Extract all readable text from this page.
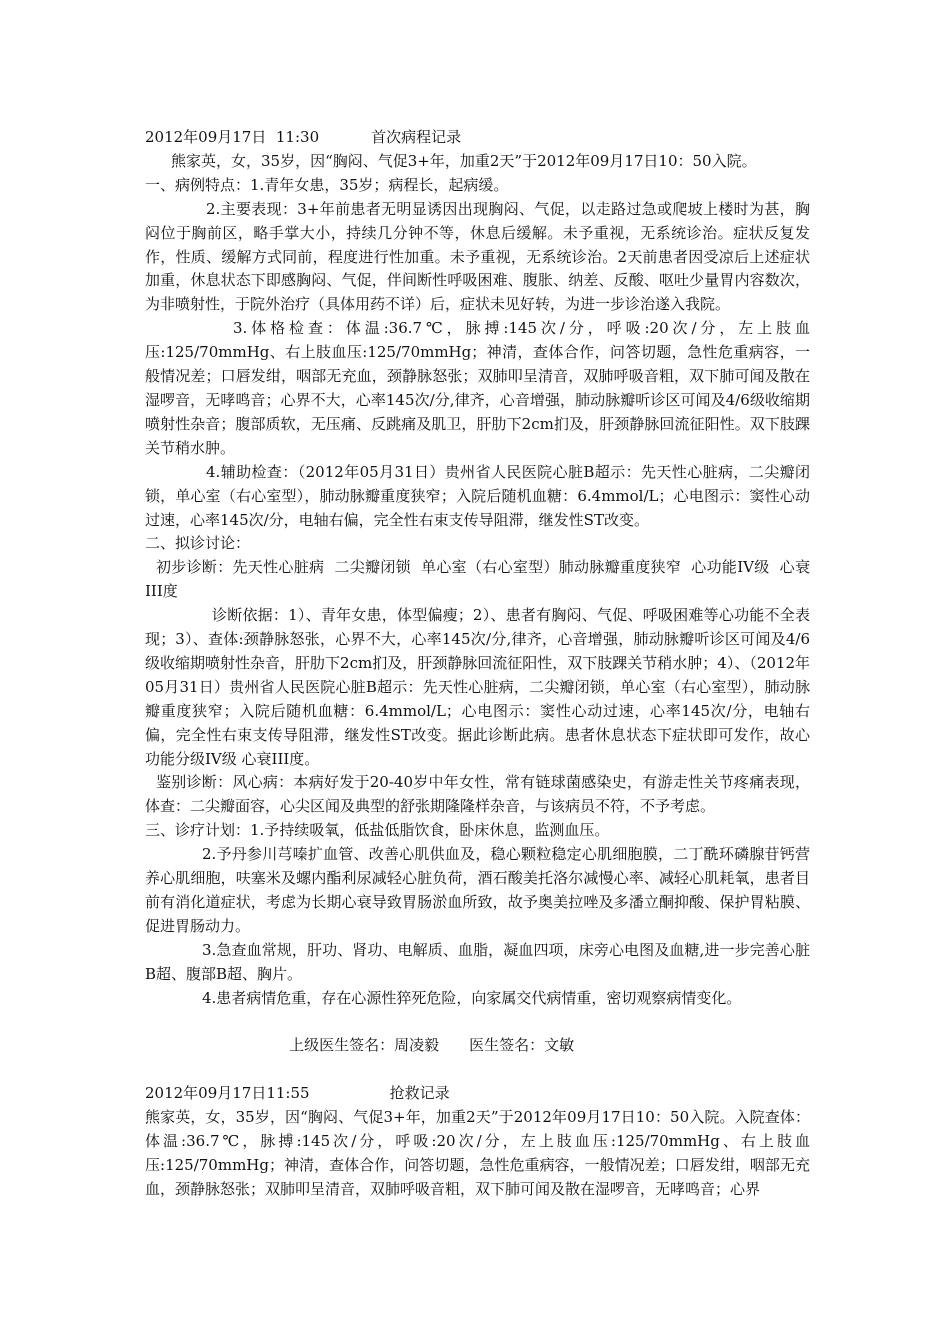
2012年09月17日  11:30	首次病程记录

熊家英，女，35岁，因“胸闷、气促3+年，加重2天”于2012年09月17日10：50入院。

一、病例特点：1.青年女患，35岁；病程长，起病缓。

2.主要表现：3+年前患者无明显诱因出现胸闷、气促，以走路过急或爬坡上楼时为甚，胸闷位于胸前区，略手掌大小，持续几分钟不等，休息后缓解。未予重视，无系统诊治。症状反复发作，性质、缓解方式同前，程度进行性加重。未予重视，无系统诊治。2天前患者因受凉后上述症状加重，休息状态下即感胸闷、气促，伴间断性呼吸困难、腹胀、纳差、反酸、呕吐少量胃内容数次，为非喷射性，于院外治疗（具体用药不详）后，症状未见好转，为进一步诊治遂入我院。

3.体格检查：体温:36.7℃，脉搏:145次/分，呼吸:20次/分，左上肢血压:125/70mmHg、右上肢血压:125/70mmHg；神清，查体合作，问答切题，急性危重病容，一般情况差；口唇发绀，咽部无充血，颈静脉怒张；双肺叩呈清音，双肺呼吸音粗，双下肺可闻及散在湿啰音，无哮鸣音；心界不大，心率145次/分,律齐，心音增强，肺动脉瓣听诊区可闻及4/6级收缩期喷射性杂音；腹部质软，无压痛、反跳痛及肌卫，肝肋下2cm扪及，肝颈静脉回流征阳性。双下肢踝关节稍水肿。

4.辅助检查：（2012年05月31日）贵州省人民医院心脏B超示：先天性心脏病，二尖瓣闭锁，单心室（右心室型），肺动脉瓣重度狭窄；入院后随机血糖：6.4mmol/L；心电图示：窦性心动过速，心率145次/分，电轴右偏，完全性右束支传导阻滞，继发性ST改变。

二、拟诊讨论：

初步诊断：先天性心脏病  二尖瓣闭锁  单心室（右心室型）肺动脉瓣重度狭窄  心功能IV级  心衰III度

诊断依据：1）、青年女患，体型偏瘦；2）、患者有胸闷、气促、呼吸困难等心功能不全表现；3）、查体:颈静脉怒张，心界不大，心率145次/分,律齐，心音增强，肺动脉瓣听诊区可闻及4/6级收缩期喷射性杂音，肝肋下2cm扪及，肝颈静脉回流征阳性，双下肢踝关节稍水肿；4）、（2012年05月31日）贵州省人民医院心脏B超示：先天性心脏病，二尖瓣闭锁，单心室（右心室型），肺动脉瓣重度狭窄；入院后随机血糖：6.4mmol/L；心电图示：窦性心动过速，心率145次/分，电轴右偏，完全性右束支传导阻滞，继发性ST改变。据此诊断此病。患者休息状态下症状即可发作，故心功能分级IV级 心衰III度。

鉴别诊断：风心病：本病好发于20-40岁中年女性，常有链球菌感染史，有游走性关节疼痛表现，体查：二尖瓣面容，心尖区闻及典型的舒张期隆隆样杂音，与该病员不符，不予考虑。

三、诊疗计划：1.予持续吸氧，低盐低脂饮食，卧床休息，监测血压。

2.予丹参川芎嗪扩血管、改善心肌供血及，稳心颗粒稳定心肌细胞膜，二丁酰环磷腺苷钙营养心肌细胞，呋塞米及螺内酯利尿减轻心脏负荷，酒石酸美托洛尔减慢心率、减轻心肌耗氧，患者目前有消化道症状，考虑为长期心衰导致胃肠淤血所致，故予奥美拉唑及多潘立酮抑酸、保护胃粘膜、促进胃肠动力。

3.急查血常规，肝功、肾功、电解质、血脂，凝血四项，床旁心电图及血糖,进一步完善心脏B超、腹部B超、胸片。

4.患者病情危重，存在心源性猝死危险，向家属交代病情重，密切观察病情变化。

上级医生签名：周凌毅 医生签名：文敏

2012年09月17日11:55	抢救记录

熊家英，女，35岁，因“胸闷、气促3+年，加重2天”于2012年09月17日10：50入院。入院查体：体温:36.7℃，脉搏:145次/分，呼吸:20次/分，左上肢血压:125/70mmHg、右上肢血压:125/70mmHg；神清，查体合作，问答切题，急性危重病容，一般情况差；口唇发绀，咽部无充血，颈静脉怒张；双肺叩呈清音，双肺呼吸音粗，双下肺可闻及散在湿啰音，无哮鸣音；心界
